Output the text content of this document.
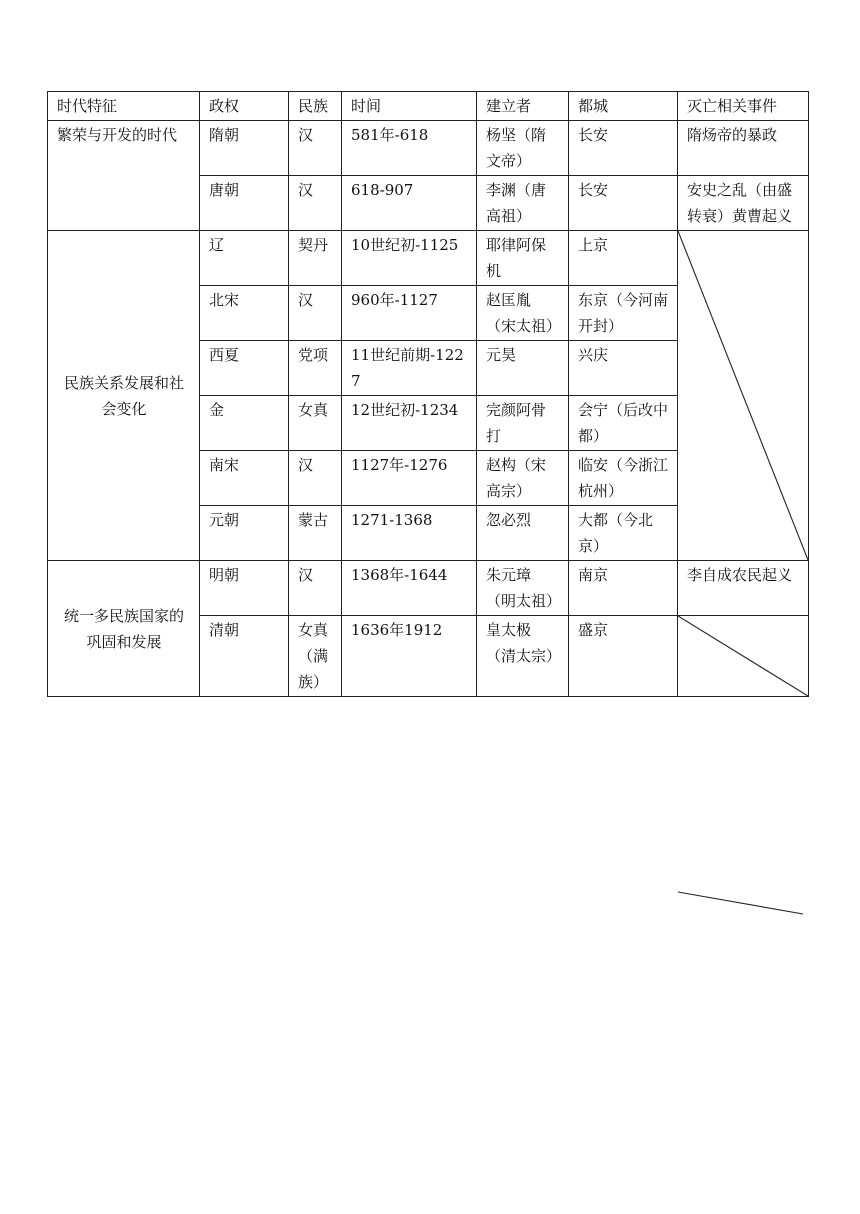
时代特征	政权	民族	时间	建立者	都城	灭亡相关事件
繁荣与开发的时代	隋朝	汉	581年-618	杨坚（隋文帝）	长安	隋炀帝的暴政
	唐朝	汉	618-907	李渊（唐高祖）	长安	安史之乱（由盛转衰）黄曹起义
民族关系发展和社会变化	辽	契丹	10世纪初-1125	耶律阿保机	上京	

	北宋	汉	960年-1127	赵匡胤（宋太祖）	东京（今河南开封）	
	西夏	党项	11世纪前期-1227	元昊	兴庆	
	金	女真	12世纪初-1234	完颜阿骨打	会宁（后改中都）	
	南宋	汉	1127年-1276	赵构（宋高宗）	临安（今浙江杭州）	
	元朝	蒙古	1271-1368	忽必烈	大都（今北京）	
统一多民族国家的巩固和发展	明朝	汉	1368年-1644	朱元璋（明太祖）	南京	李自成农民起义
	清朝	女真（满族）	1636年1912	皇太极（清太宗）	盛京	
